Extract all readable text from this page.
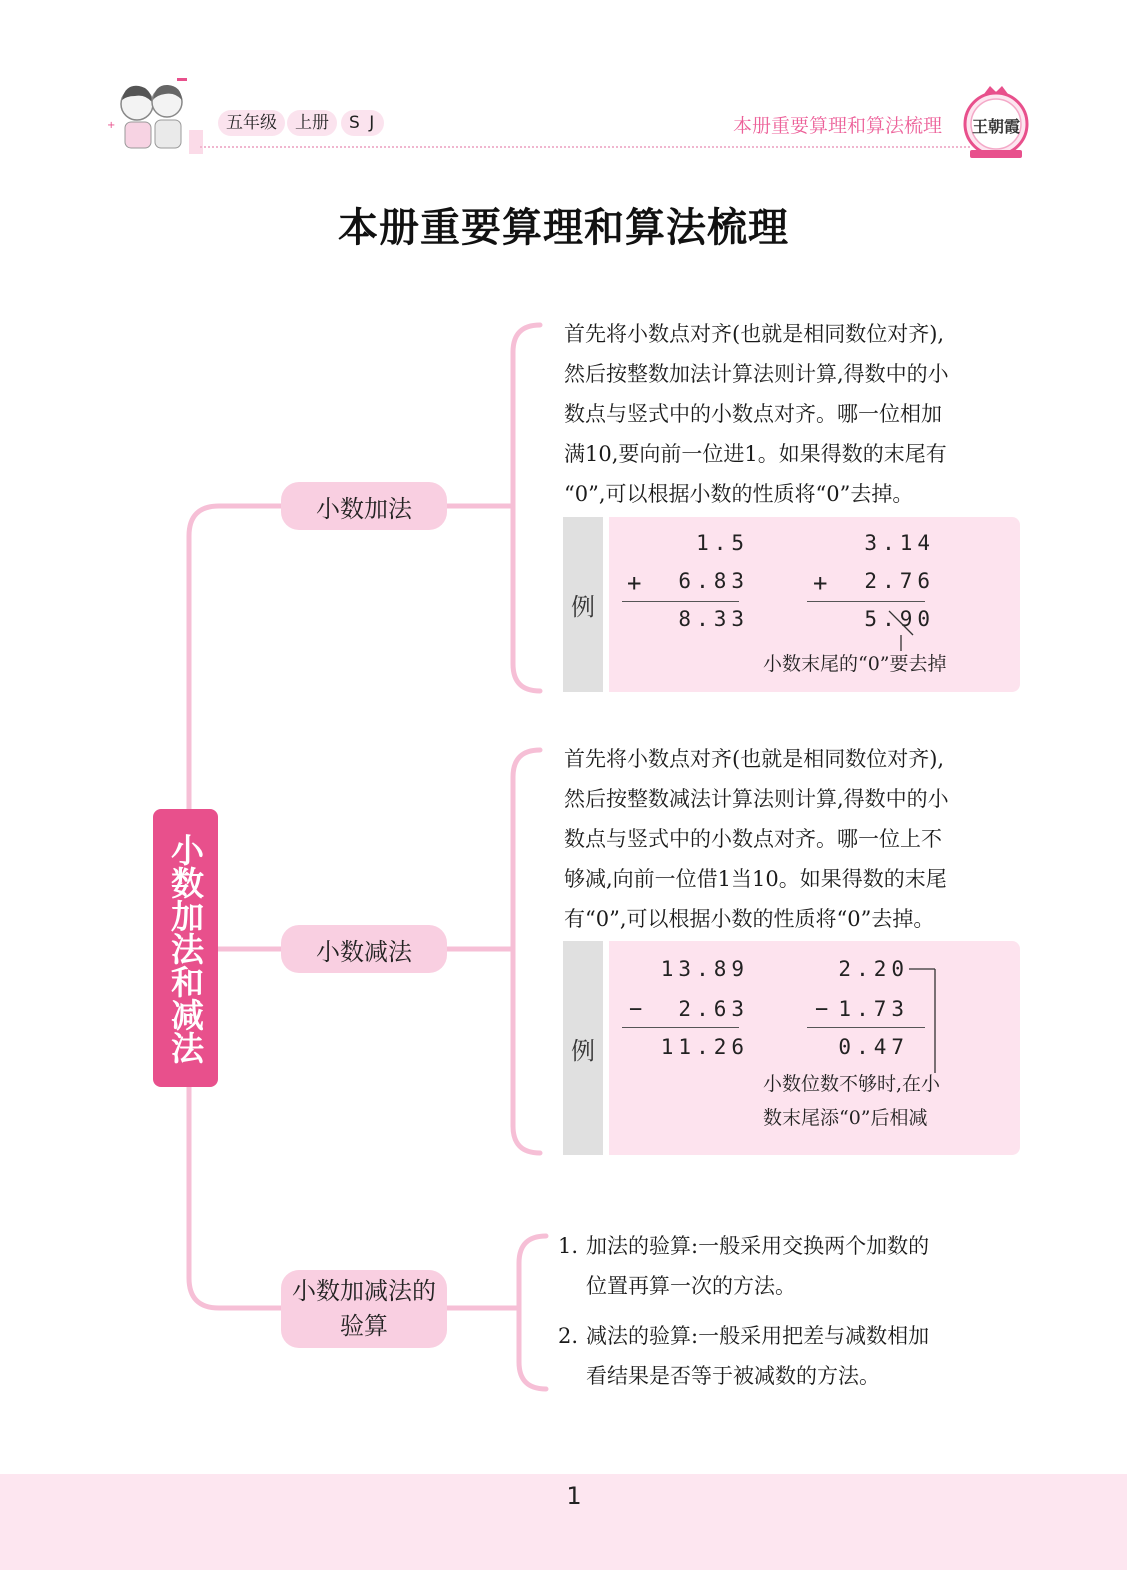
+	五年级	上册	S J	本册重要算理和算法梳理	王朝霞
本册重要算理和算法梳理
小数加法和减法
小数加法
小数减法
小数加减法的
验算

首先将小数点对齐(也就是相同数位对齐),

然后按整数加法计算法则计算,得数中的小

数点与竖式中的小数点对齐。哪一位相加

满10,要向前一位进1。如果得数的末尾有

“0”,可以根据小数的性质将“0”去掉。

例
1.5
+	6.83
8.33
3.14
+	2.76
5.90
小数末尾的“0”要去掉

首先将小数点对齐(也就是相同数位对齐),

然后按整数减法计算法则计算,得数中的小

数点与竖式中的小数点对齐。哪一位上不

够减,向前一位借1当10。如果得数的末尾

有“0”,可以根据小数的性质将“0”去掉。

例
13.89
−	2.63
11.26
2.20
− 1.73
0.47
小数位数不够时,在小
数末尾添“0”后相减
1. 加法的验算:一般采用交换两个加数的
位置再算一次的方法。
2. 减法的验算:一般采用把差与减数相加
看结果是否等于被减数的方法。
1
